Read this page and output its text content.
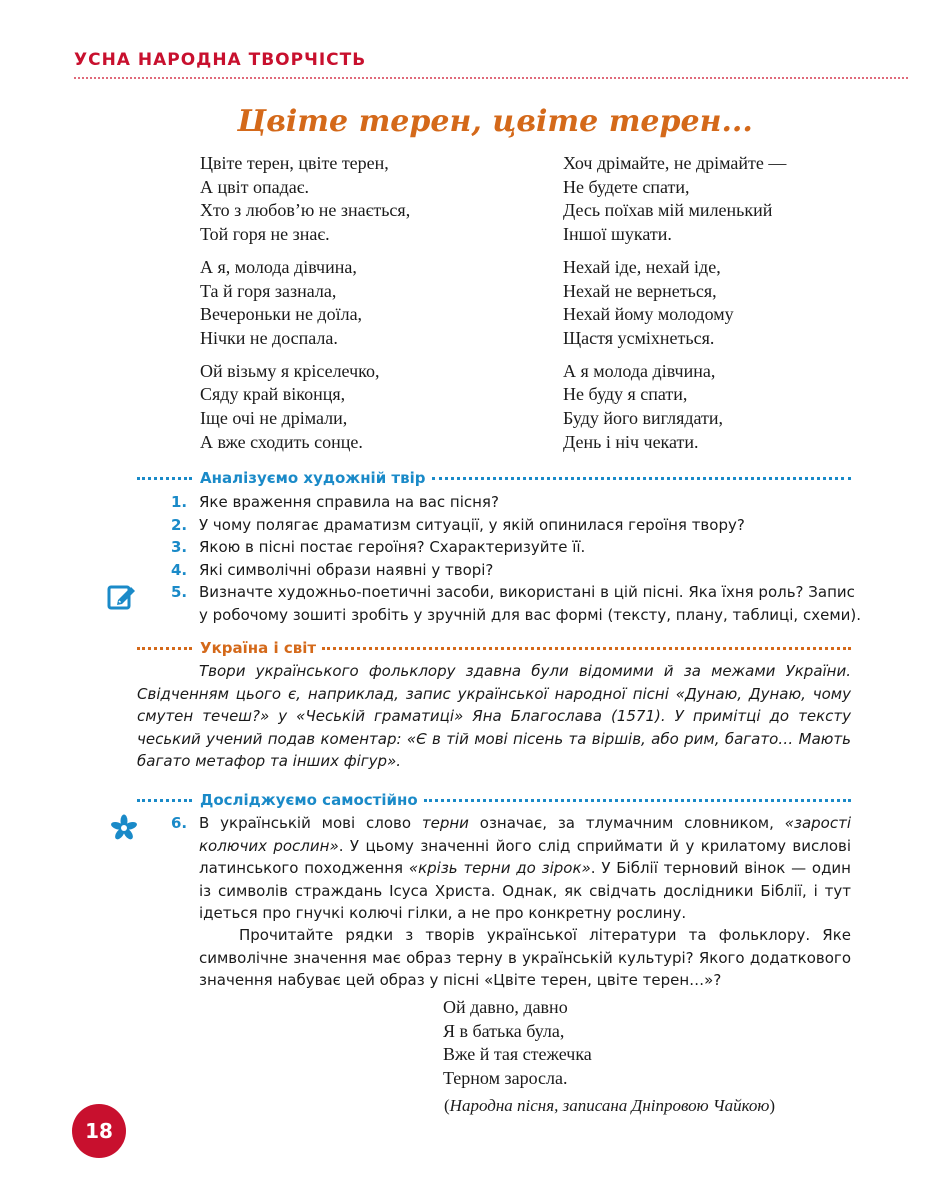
УСНА НАРОДНА ТВОРЧІСТЬ
Цвіте терен, цвіте терен...
Цвіте терен, цвіте терен,
А цвіт опадає.
Хто з любов’ю не знається,
Той горя не знає.
А я, молода дівчина,
Та й горя зазнала,
Вечероньки не доїла,
Нічки не доспала.
Ой візьму я кріселечко,
Сяду край віконця,
Іще очі не дрімали,
А вже сходить сонце.
Хоч дрімайте, не дрімайте —
Не будете спати,
Десь поїхав мій миленький
Іншої шукати.
Нехай іде, нехай іде,
Нехай не вернеться,
Нехай йому молодому
Щастя усміхнеться.
А я молода дівчина,
Не буду я спати,
Буду його виглядати,
День і ніч чекати.
Аналізуємо художній твір
1. Яке враження справила на вас пісня?
2. У чому полягає драматизм ситуації, у якій опинилася героїня твору?
3. Якою в пісні постає героїня? Схарактеризуйте її.
4. Які символічні образи наявні у творі?
5. Визначте художньо-поетичні засоби, використані в цій пісні. Яка їхня роль? Запис у робочому зошиті зробіть у зручній для вас формі (тексту, плану, таблиці, схеми).
Україна і світ
Твори українського фольклору здавна були відомими й за межами України. Свідченням цього є, наприклад, запис української народної пісні «Дунаю, Дунаю, чому смутен течеш?» у «Чеській граматиці» Яна Благослава (1571). У примітці до тексту чеський учений подав коментар: «Є в тій мові пісень та віршів, або рим, багато… Мають багато метафор та інших фігур».
Досліджуємо самостійно
6. В українській мові слово терни означає, за тлумачним словником, «зарості колючих рослин». У цьому значенні його слід сприймати й у крилатому вислові латинського походження «крізь терни до зірок». У Біблії терновий вінок — один із символів страждань Ісуса Христа. Однак, як свідчать дослідники Біблії, і тут ідеться про гнучкі колючі гілки, а не про конкретну рослину.
Прочитайте рядки з творів української літератури та фольклору. Яке символічне значення має образ терну в українській культурі? Якого додаткового значення набуває цей образ у пісні «Цвіте терен, цвіте терен…»?
Ой давно, давно
Я в батька була,
Вже й тая стежечка
Терном заросла.
(Народна пісня, записана Дніпровою Чайкою)
18
